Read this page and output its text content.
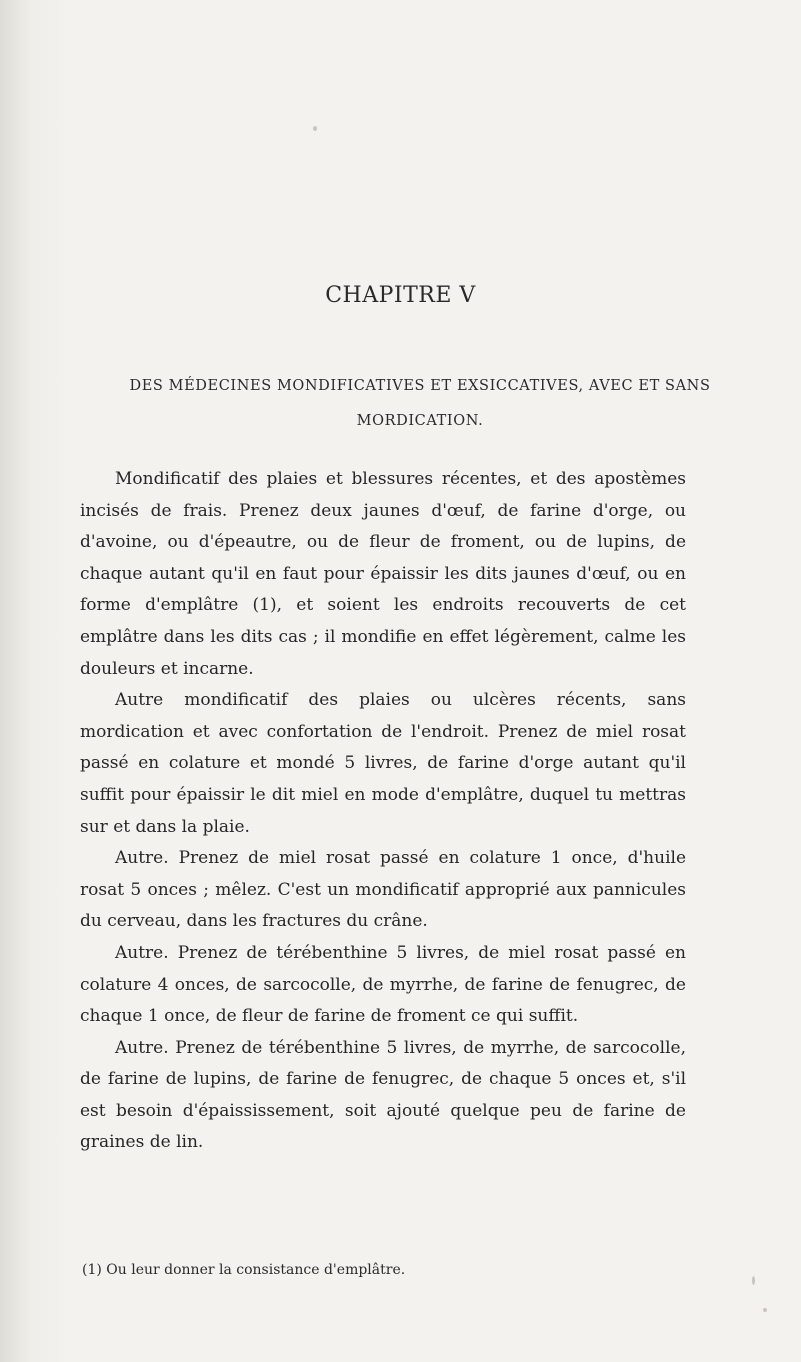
CHAPITRE V
DES MÉDECINES MONDIFICATIVES ET EXSICCATIVES, AVEC ET SANS MORDICATION.

Mondificatif des plaies et blessures récentes, et des apostèmes incisés de frais. Prenez deux jaunes d'œuf, de farine d'orge, ou d'avoine, ou d'épeautre, ou de fleur de froment, ou de lupins, de chaque autant qu'il en faut pour épaissir les dits jaunes d'œuf, ou en forme d'emplâtre (1), et soient les endroits recouverts de cet emplâtre dans les dits cas ; il mondifie en effet légèrement, calme les douleurs et incarne.

Autre mondificatif des plaies ou ulcères récents, sans mordication et avec confortation de l'endroit. Prenez de miel rosat passé en colature et mondé 5 livres, de farine d'orge autant qu'il suffit pour épaissir le dit miel en mode d'emplâtre, duquel tu mettras sur et dans la plaie.

Autre. Prenez de miel rosat passé en colature 1 once, d'huile rosat 5 onces ; mêlez. C'est un mondificatif approprié aux pannicules du cerveau, dans les fractures du crâne.

Autre. Prenez de térébenthine 5 livres, de miel rosat passé en colature 4 onces, de sarcocolle, de myrrhe, de farine de fenugrec, de chaque 1 once, de fleur de farine de froment ce qui suffit.

Autre. Prenez de térébenthine 5 livres, de myrrhe, de sarcocolle, de farine de lupins, de farine de fenugrec, de chaque 5 onces et, s'il est besoin d'épaississement, soit ajouté quelque peu de farine de graines de lin.

(1) Ou leur donner la consistance d'emplâtre.
